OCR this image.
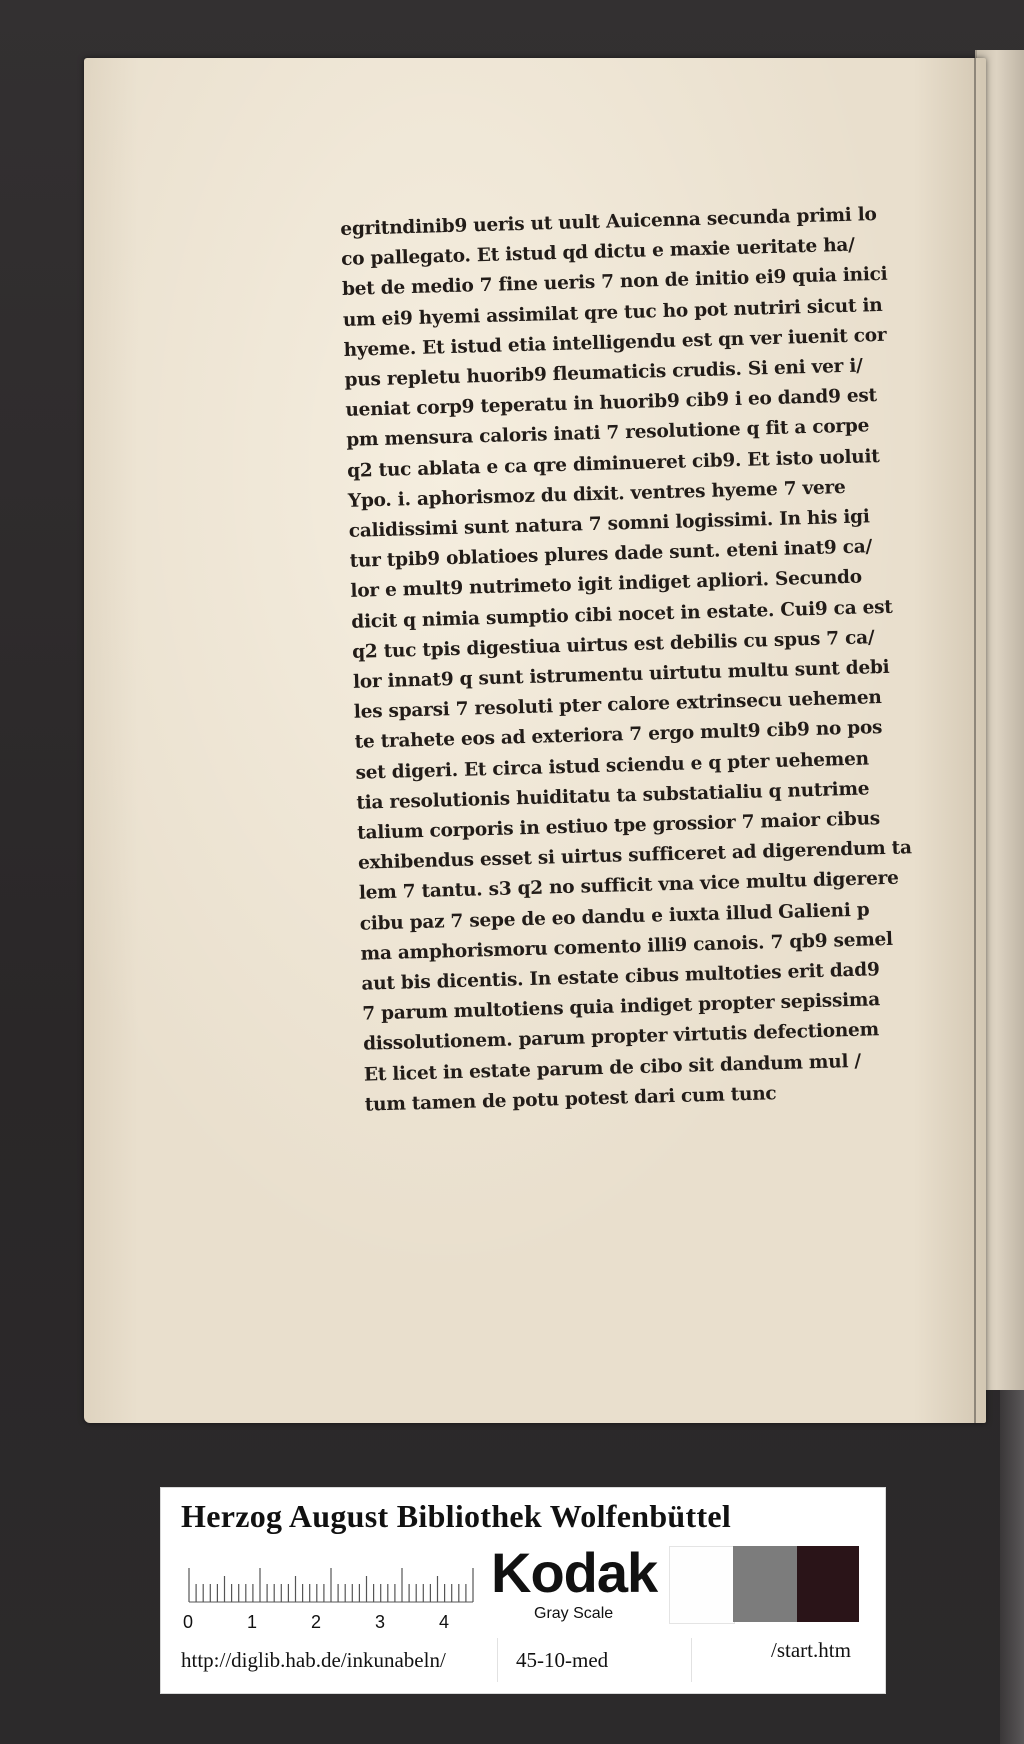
egritndinib9 ueris ut uult Auicenna secunda primi lo
co pallegato. Et istud qd dictu e maxie ueritate ha/
bet de medio 7 fine ueris 7 non de initio ei9 quia inici
um ei9 hyemi assimilat qre tuc ho pot nutriri sicut in
hyeme. Et istud etia intelligendu est qn ver iuenit cor
pus repletu huorib9 fleumaticis crudis. Si eni ver i/
ueniat corp9 teperatu in huorib9 cib9 i eo dand9 est
pm mensura caloris inati 7 resolutione q fit a corpe
q2 tuc ablata e ca qre diminueret cib9. Et isto uoluit
Ypo. i. aphorismoz du dixit. ventres hyeme 7 vere
calidissimi sunt natura 7 somni logissimi. In his igi
tur tpib9 oblatioes plures dade sunt. eteni inat9 ca/
lor e mult9 nutrimeto igit indiget apliori. Secundo
dicit q nimia sumptio cibi nocet in estate. Cui9 ca est
q2 tuc tpis digestiua uirtus est debilis cu spus 7 ca/
lor innat9 q sunt istrumentu uirtutu multu sunt debi
les sparsi 7 resoluti pter calore extrinsecu uehemen
te trahete eos ad exteriora 7 ergo mult9 cib9 no pos
set digeri. Et circa istud sciendu e q pter uehemen
tia resolutionis huiditatu ta substatialiu q nutrime
talium corporis in estiuo tpe grossior 7 maior cibus
exhibendus esset si uirtus sufficeret ad digerendum ta
lem 7 tantu. s3 q2 no sufficit vna vice multu digerere
cibu paz 7 sepe de eo dandu e iuxta illud Galieni p
ma amphorismoru comento illi9 canois. 7 qb9 semel
aut bis dicentis. In estate cibus multoties erit dad9
7 parum multotiens quia indiget propter sepissima
dissolutionem. parum propter virtutis defectionem
Et licet in estate parum de cibo sit dandum mul /
tum tamen de potu potest dari cum tunc
Herzog August Bibliothek Wolfenbüttel
0	1	2	3	4
Kodak
Gray Scale
http://diglib.hab.de/inkunabeln/	45-10-med	/start.htm
